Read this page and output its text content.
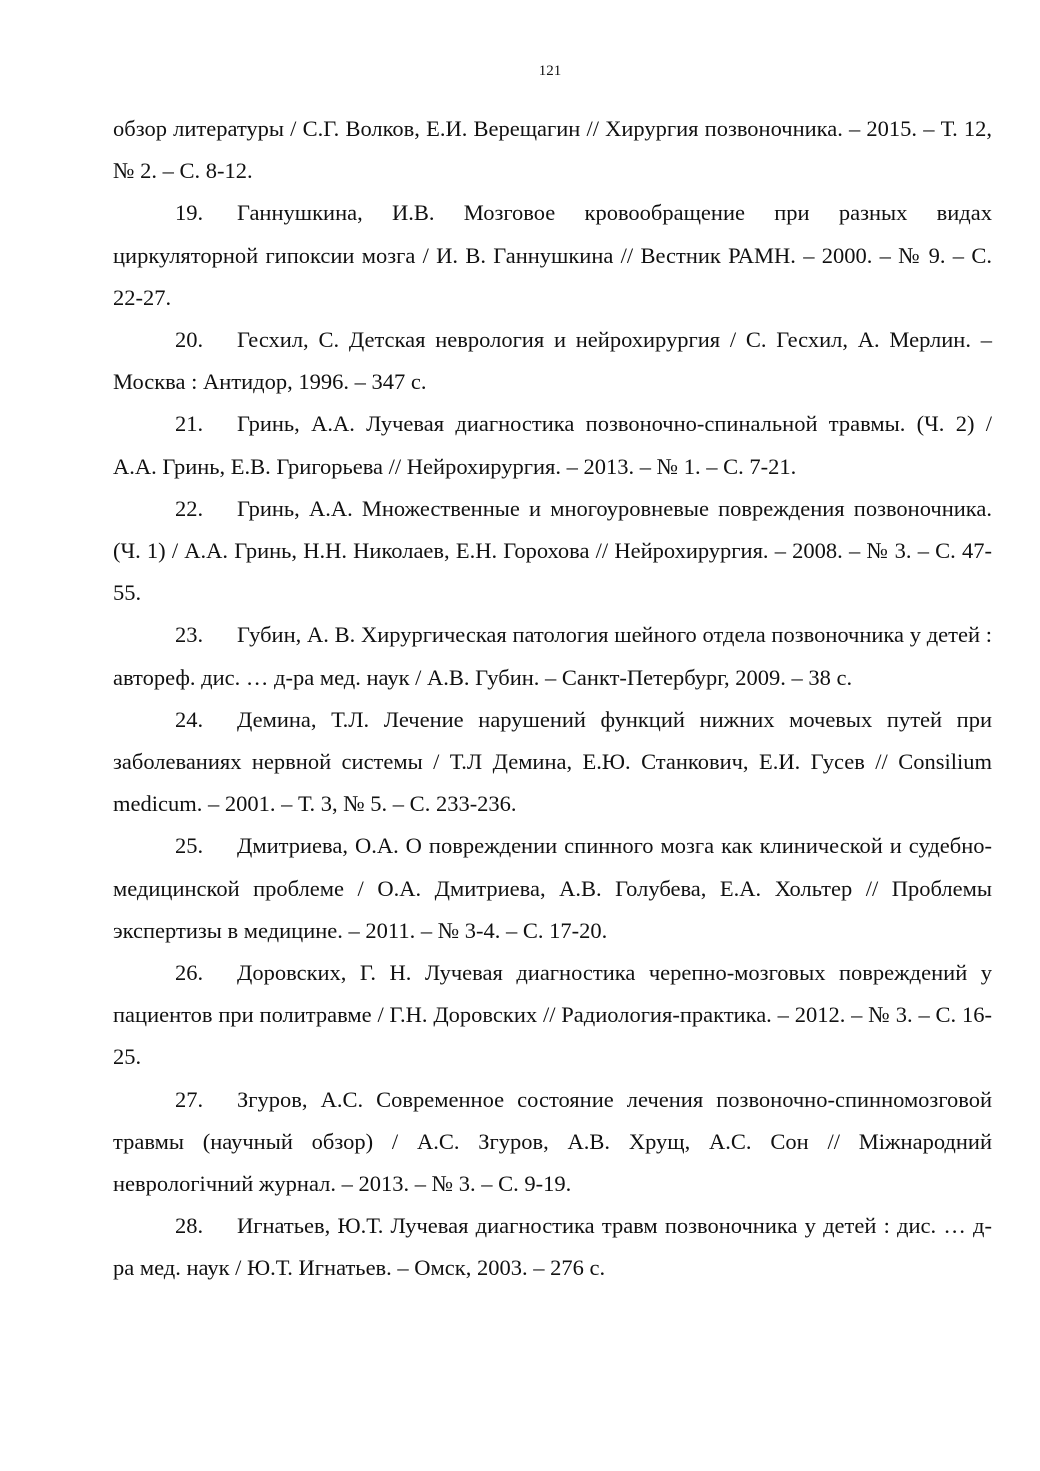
121

обзор литературы / С.Г. Волков, Е.И. Верещагин // Хирургия позвоночника. – 2015. – Т. 12, № 2. – С. 8-12.

19. Ганнушкина, И.В. Мозговое кровообращение при разных видах циркуляторной гипоксии мозга / И. В. Ганнушкина // Вестник РАМН. – 2000. – № 9. – С. 22-27.

20. Гесхил, С. Детская неврология и нейрохирургия / С. Гесхил, А. Мерлин. – Москва : Антидор, 1996. – 347 с.

21. Гринь, А.А. Лучевая диагностика позвоночно-спинальной травмы. (Ч. 2) / А.А. Гринь, Е.В. Григорьева // Нейрохирургия. – 2013. – № 1. – С. 7-21.

22. Гринь, А.А. Множественные и многоуровневые повреждения позвоночника. (Ч. 1) / А.А. Гринь, Н.Н. Николаев, Е.Н. Горохова // Нейрохирургия. – 2008. – № 3. – С. 47-55.

23. Губин, А. В. Хирургическая патология шейного отдела позвоночника у детей : автореф. дис. … д-ра мед. наук / А.В. Губин. – Санкт-Петербург, 2009. – 38 с.

24. Демина, Т.Л. Лечение нарушений функций нижних мочевых путей при заболеваниях нервной системы / Т.Л Демина, Е.Ю. Станкович, Е.И. Гусев // Consilium medicum. – 2001. – Т. 3, № 5. – С. 233-236.

25. Дмитриева, О.А. О повреждении спинного мозга как клинической и судебно- медицинской проблеме / О.А. Дмитриева, А.В. Голубева, Е.А. Хольтер // Проблемы экспертизы в медицине. – 2011. – № 3-4. – С. 17-20.

26. Доровских, Г. Н. Лучевая диагностика черепно-мозговых повреждений у пациентов при политравме / Г.Н. Доровских // Радиология-практика. – 2012. – № 3. – С. 16-25.

27. Згуров, А.С. Современное состояние лечения позвоночно-спинномозговой травмы (научный обзор) / А.С. Згуров, А.В. Хрущ, А.С. Сон // Міжнародний неврологічний журнал. – 2013. – № 3. – С. 9-19.

28. Игнатьев, Ю.Т. Лучевая диагностика травм позвоночника у детей : дис. … д-ра мед. наук / Ю.Т. Игнатьев. – Омск, 2003. – 276 с.
